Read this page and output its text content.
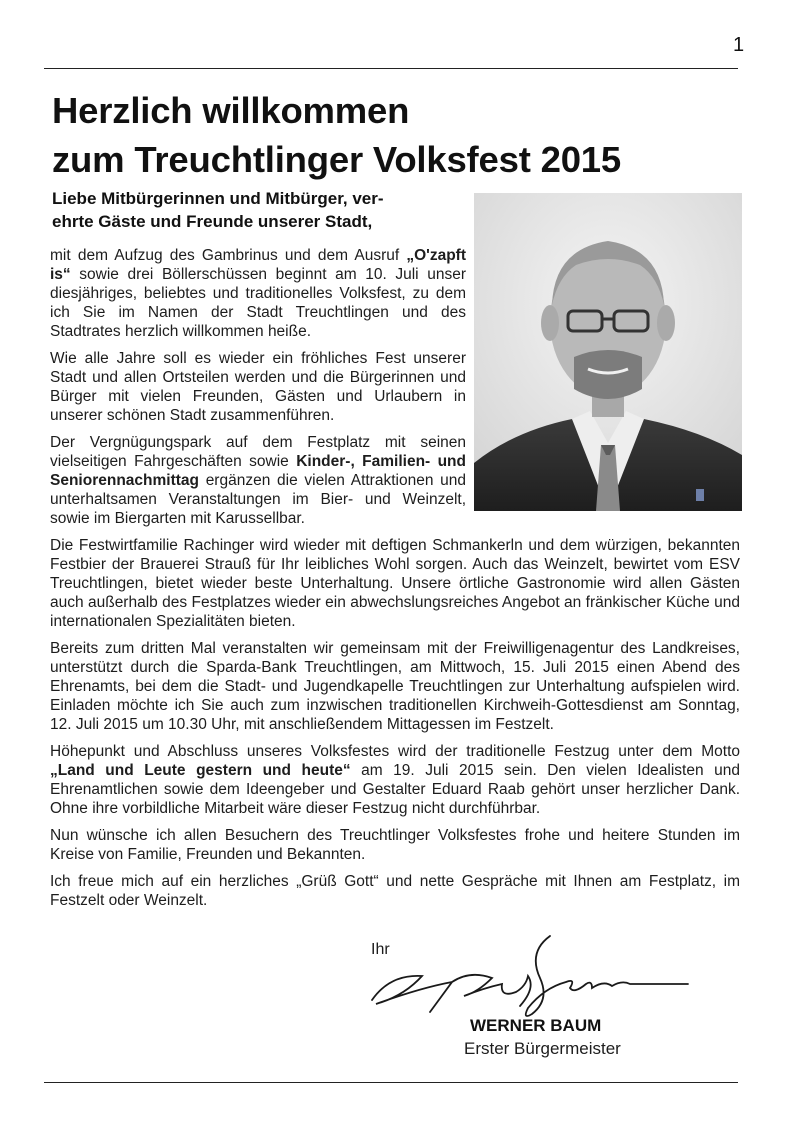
1
Herzlich willkommen
zum Treuchtlinger Volksfest 2015
Liebe Mitbürgerinnen und Mitbürger, ver-
ehrte Gäste und Freunde unserer Stadt,

mit dem Aufzug des Gambrinus und dem Ausruf „O'zapft is“ sowie drei Böllerschüssen beginnt am 10. Juli unser diesjähriges, beliebtes und traditionelles Volksfest, zu dem ich Sie im Namen der Stadt Treuchtlingen und des Stadtrates herzlich willkommen heiße.

Wie alle Jahre soll es wieder ein fröhliches Fest unserer Stadt und allen Ortsteilen werden und die Bürgerinnen und Bürger mit vielen Freunden, Gästen und Urlaubern in unserer schönen Stadt zusammenführen.

Der Vergnügungspark auf dem Festplatz mit seinen vielseitigen Fahrgeschäften sowie Kinder-, Familien- und Seniorennachmittag ergänzen die vielen Attraktionen und unterhaltsamen Veranstaltungen im Bier- und Weinzelt, sowie im Biergarten mit Karussellbar.

Die Festwirtfamilie Rachinger wird wieder mit deftigen Schmankerln und dem würzigen, bekannten Festbier der Brauerei Strauß für Ihr leibliches Wohl sorgen. Auch das Weinzelt, bewirtet vom ESV Treuchtlingen, bietet wieder beste Unterhaltung. Unsere örtliche Gastronomie wird allen Gästen auch außerhalb des Festplatzes wieder ein abwechslungsreiches Angebot an fränkischer Küche und internationalen Spezialitäten bieten.

Bereits zum dritten Mal veranstalten wir gemeinsam mit der Freiwilligenagentur des Landkreises, unterstützt durch die Sparda-Bank Treuchtlingen, am Mittwoch, 15. Juli 2015 einen Abend des Ehrenamts, bei dem die Stadt- und Jugendkapelle Treuchtlingen zur Unterhaltung aufspielen wird. Einladen möchte ich Sie auch zum inzwischen traditionellen Kirchweih-Gottesdienst am Sonntag, 12. Juli 2015 um 10.30 Uhr, mit anschließendem Mittagessen im Festzelt.

Höhepunkt und Abschluss unseres Volksfestes wird der traditionelle Festzug unter dem Motto „Land und Leute gestern und heute“ am 19. Juli 2015 sein. Den vielen Idealisten und Ehrenamtlichen sowie dem Ideengeber und Gestalter Eduard Raab gehört unser herzlicher Dank. Ohne ihre vorbildliche Mitarbeit wäre dieser Festzug nicht durchführbar.

Nun wünsche ich allen Besuchern des Treuchtlinger Volksfestes frohe und heitere Stunden im Kreise von Familie, Freunden und Bekannten.

Ich freue mich auf ein herzliches „Grüß Gott“ und nette Gespräche mit Ihnen am Festplatz, im Festzelt oder Weinzelt.

Ihr
WERNER BAUM
Erster Bürgermeister
